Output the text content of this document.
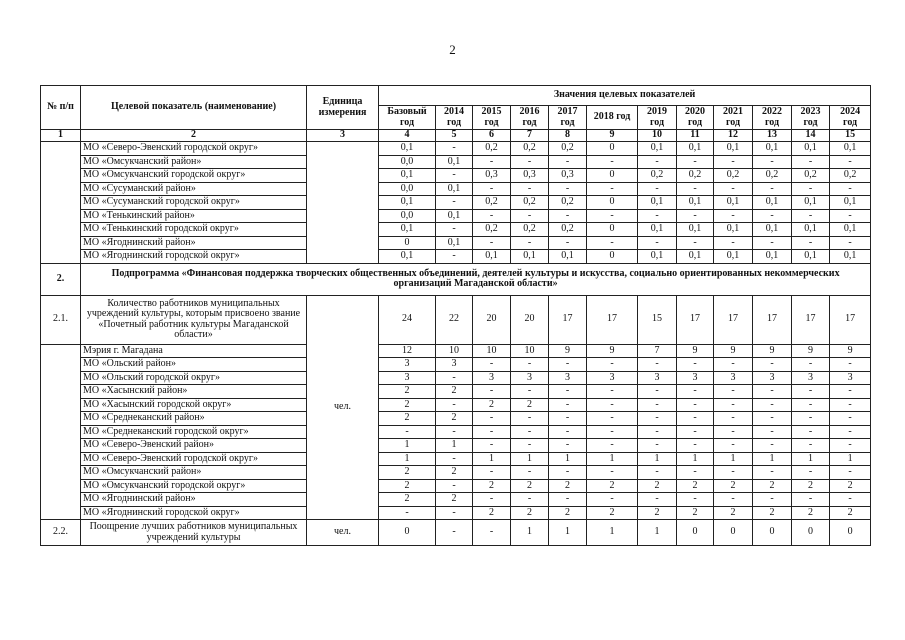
2
№ п/п	Целевой показатель (наименование)	Единица измерения	Значения целевых показателей											
			Базовый год	2014 год	2015 год	2016 год	2017 год	2018 год	2019 год	2020 год	2021 год	2022 год	2023 год	2024 год
1	2	3	4	5	6	7	8	9	10	11	12	13	14	15
	МО «Северо-Эвенский городской округ»		0,1	-	0,2	0,2	0,2	0	0,1	0,1	0,1	0,1	0,1	0,1
	МО «Омсукчанский район»		0,0	0,1	-	-	-	-	-	-	-	-	-	-
	МО «Омсукчанский городской округ»		0,1	-	0,3	0,3	0,3	0	0,2	0,2	0,2	0,2	0,2	0,2
	МО «Сусуманский район»		0,0	0,1	-	-	-	-	-	-	-	-	-	-
	МО «Сусуманский городской округ»		0,1	-	0,2	0,2	0,2	0	0,1	0,1	0,1	0,1	0,1	0,1
	МО «Тенькинский район»		0,0	0,1	-	-	-	-	-	-	-	-	-	-
	МО «Тенькинский городской округ»		0,1	-	0,2	0,2	0,2	0	0,1	0,1	0,1	0,1	0,1	0,1
	МО «Ягоднинский район»		0	0,1	-	-	-	-	-	-	-	-	-	-
	МО «Ягоднинский городской округ»		0,1	-	0,1	0,1	0,1	0	0,1	0,1	0,1	0,1	0,1	0,1
2.	Подпрограмма «Финансовая поддержка творческих общественных объединений, деятелей культуры и искусства, социально ориентированных некоммерческих организаций Магаданской области»													
2.1.	Количество работников муниципальных учреждений культуры, которым присвоено звание «Почетный работник культуры Магаданской области»	чел.	24	22	20	20	17	17	15	17	17	17	17	17
	Мэрия г. Магадана		12	10	10	10	9	9	7	9	9	9	9	9
	МО «Ольский район»		3	3	-	-	-	-	-	-	-	-	-	-
	МО «Ольский городской округ»		3	-	3	3	3	3	3	3	3	3	3	3
	МО «Хасынский район»		2	2	-	-	-	-	-	-	-	-	-	-
	МО «Хасынский городской округ»		2	-	2	2	-	-	-	-	-	-	-	-
	МО «Среднеканский район»		2	2	-	-	-	-	-	-	-	-	-	-
	МО «Среднеканский городской округ»		-	-	-	-	-	-	-	-	-	-	-	-
	МО «Северо-Эвенский район»		1	1	-	-	-	-	-	-	-	-	-	-
	МО «Северо-Эвенский городской округ»		1	-	1	1	1	1	1	1	1	1	1	1
	МО «Омсукчанский район»		2	2	-	-	-	-	-	-	-	-	-	-
	МО «Омсукчанский городской округ»		2	-	2	2	2	2	2	2	2	2	2	2
	МО «Ягоднинский район»		2	2	-	-	-	-	-	-	-	-	-	-
	МО «Ягоднинский городской округ»		-	-	2	2	2	2	2	2	2	2	2	2
2.2.	Поощрение лучших работников муниципальных учреждений культуры	чел.	0	-	-	1	1	1	1	0	0	0	0	0
